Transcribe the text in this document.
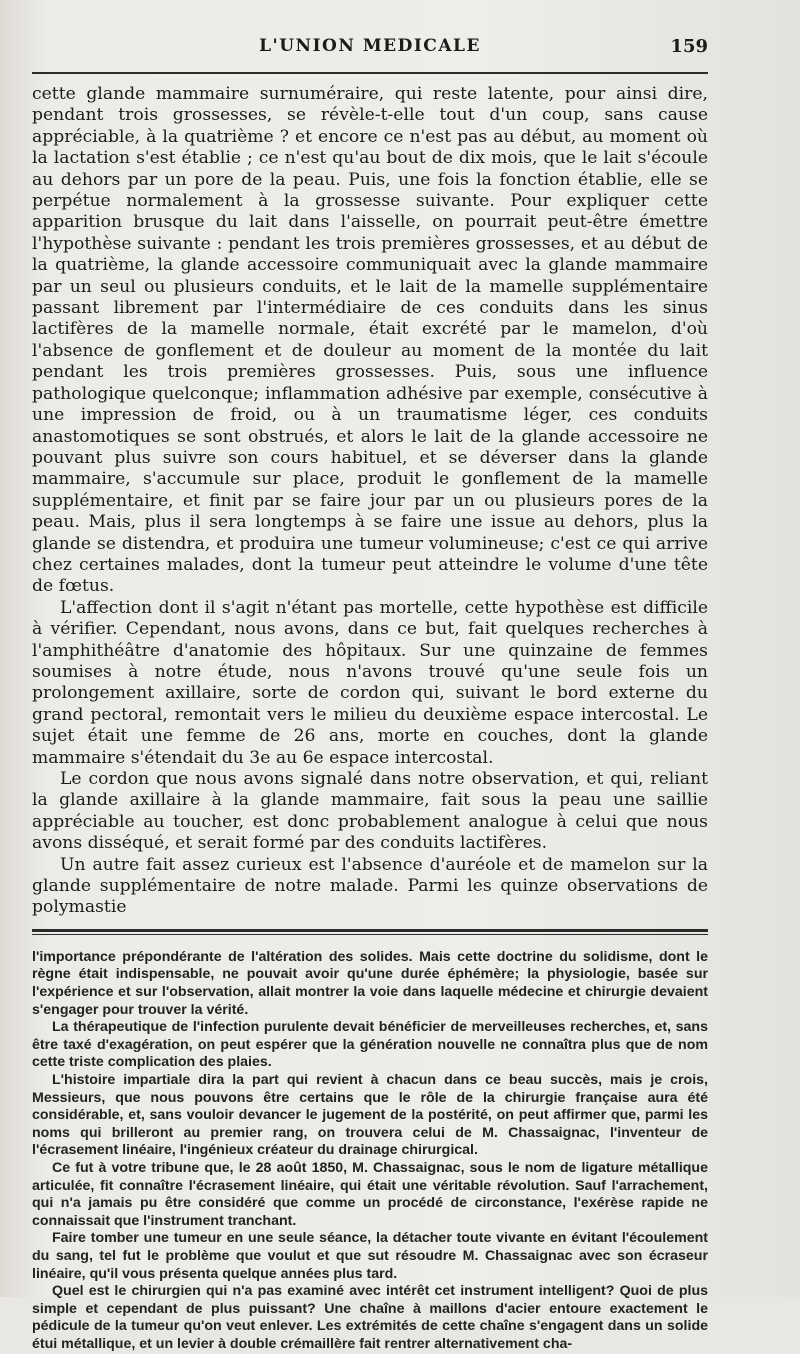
L'UNION MEDICALE	159

cette glande mammaire surnuméraire, qui reste latente, pour ainsi dire, pendant trois grossesses, se révèle-t-elle tout d'un coup, sans cause appréciable, à la quatrième ? et encore ce n'est pas au début, au moment où la lactation s'est établie ; ce n'est qu'au bout de dix mois, que le lait s'écoule au dehors par un pore de la peau. Puis, une fois la fonction établie, elle se perpétue normalement à la grossesse suivante. Pour expliquer cette apparition brusque du lait dans l'aisselle, on pourrait peut-être émettre l'hypothèse suivante : pendant les trois premières grossesses, et au début de la quatrième, la glande accessoire communiquait avec la glande mammaire par un seul ou plusieurs conduits, et le lait de la mamelle supplémentaire passant librement par l'intermédiaire de ces conduits dans les sinus lactifères de la mamelle normale, était excrété par le mamelon, d'où l'absence de gonflement et de douleur au moment de la montée du lait pendant les trois premières grossesses. Puis, sous une influence pathologique quelconque; inflammation adhésive par exemple, consécutive à une impression de froid, ou à un traumatisme léger, ces conduits anastomotiques se sont obstrués, et alors le lait de la glande accessoire ne pouvant plus suivre son cours habituel, et se déverser dans la glande mammaire, s'accumule sur place, produit le gonflement de la mamelle supplémentaire, et finit par se faire jour par un ou plusieurs pores de la peau. Mais, plus il sera longtemps à se faire une issue au dehors, plus la glande se distendra, et produira une tumeur volumineuse; c'est ce qui arrive chez certaines malades, dont la tumeur peut atteindre le volume d'une tête de fœtus.

L'affection dont il s'agit n'étant pas mortelle, cette hypothèse est difficile à vérifier. Cependant, nous avons, dans ce but, fait quelques recherches à l'amphithéâtre d'anatomie des hôpitaux. Sur une quinzaine de femmes soumises à notre étude, nous n'avons trouvé qu'une seule fois un prolongement axillaire, sorte de cordon qui, suivant le bord externe du grand pectoral, remontait vers le milieu du deuxième espace intercostal. Le sujet était une femme de 26 ans, morte en couches, dont la glande mammaire s'étendait du 3e au 6e espace intercostal.

Le cordon que nous avons signalé dans notre observation, et qui, reliant la glande axillaire à la glande mammaire, fait sous la peau une saillie appréciable au toucher, est donc probablement analogue à celui que nous avons disséqué, et serait formé par des conduits lactifères.

Un autre fait assez curieux est l'absence d'auréole et de mamelon sur la glande supplémentaire de notre malade. Parmi les quinze observations de polymastie

l'importance prépondérante de l'altération des solides. Mais cette doctrine du solidisme, dont le règne était indispensable, ne pouvait avoir qu'une durée éphémère; la physiologie, basée sur l'expérience et sur l'observation, allait montrer la voie dans laquelle médecine et chirurgie devaient s'engager pour trouver la vérité.

La thérapeutique de l'infection purulente devait bénéficier de merveilleuses recherches, et, sans être taxé d'exagération, on peut espérer que la génération nouvelle ne connaîtra plus que de nom cette triste complication des plaies.

L'histoire impartiale dira la part qui revient à chacun dans ce beau succès, mais je crois, Messieurs, que nous pouvons être certains que le rôle de la chirurgie française aura été considérable, et, sans vouloir devancer le jugement de la postérité, on peut affirmer que, parmi les noms qui brilleront au premier rang, on trouvera celui de M. Chassaignac, l'inventeur de l'écrasement linéaire, l'ingénieux créateur du drainage chirurgical.

Ce fut à votre tribune que, le 28 août 1850, M. Chassaignac, sous le nom de ligature métallique articulée, fit connaître l'écrasement linéaire, qui était une véritable révolution. Sauf l'arrachement, qui n'a jamais pu être considéré que comme un procédé de circonstance, l'exérèse rapide ne connaissait que l'instrument tranchant.

Faire tomber une tumeur en une seule séance, la détacher toute vivante en évitant l'écoulement du sang, tel fut le problème que voulut et que sut résoudre M. Chassaignac avec son écraseur linéaire, qu'il vous présenta quelque années plus tard.

Quel est le chirurgien qui n'a pas examiné avec intérêt cet instrument intelligent? Quoi de plus simple et cependant de plus puissant? Une chaîne à maillons d'acier entoure exactement le pédicule de la tumeur qu'on veut enlever. Les extrémités de cette chaîne s'engagent dans un solide étui métallique, et un levier à double crémaillère fait rentrer alternativement cha-
